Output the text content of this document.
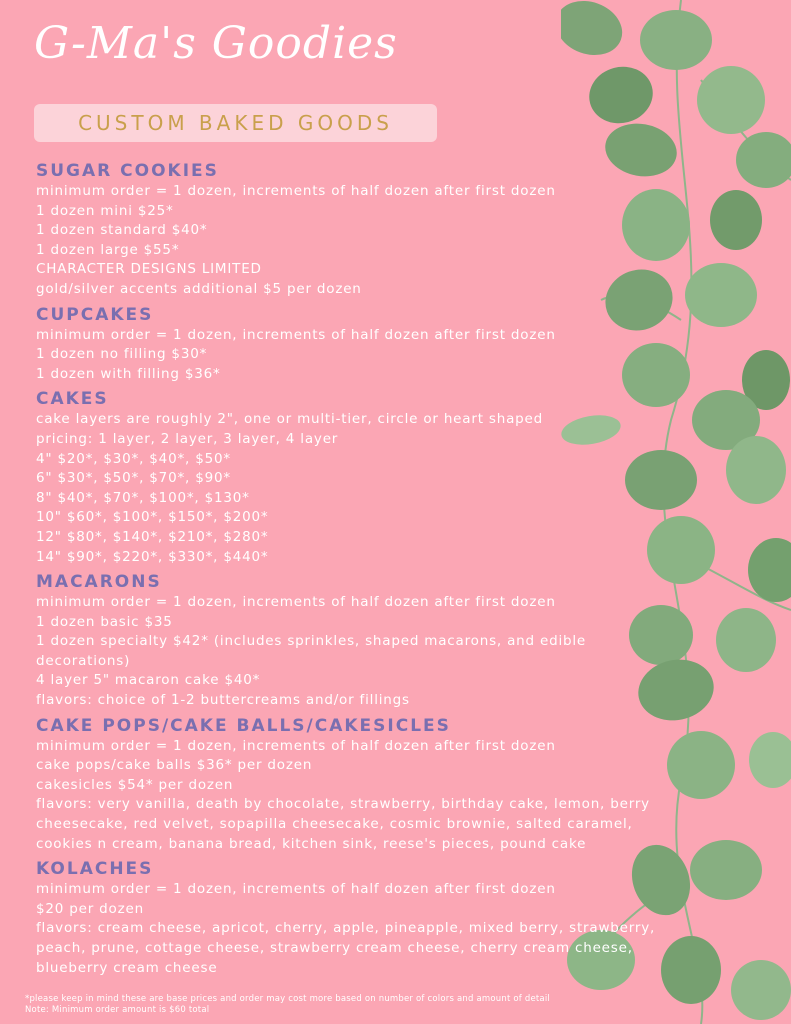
G-Ma's Goodies
CUSTOM BAKED GOODS
SUGAR COOKIES
minimum order = 1 dozen, increments of half dozen after first dozen
1 dozen mini $25*
1 dozen standard $40*
1 dozen large $55*
CHARACTER DESIGNS LIMITED
gold/silver accents additional $5 per dozen
CUPCAKES
minimum order = 1 dozen, increments of half dozen after first dozen
1 dozen no filling $30*
1 dozen with filling $36*
CAKES
cake layers are roughly 2", one or multi-tier, circle or heart shaped
pricing: 1 layer, 2 layer, 3 layer, 4 layer
4" $20*, $30*, $40*, $50*
6" $30*, $50*, $70*, $90*
8" $40*, $70*, $100*, $130*
10" $60*, $100*, $150*, $200*
12" $80*, $140*, $210*, $280*
14" $90*, $220*, $330*, $440*
MACARONS
minimum order = 1 dozen, increments of half dozen after first dozen
1 dozen basic $35
1 dozen specialty $42* (includes sprinkles, shaped macarons, and edible decorations)
4 layer 5" macaron cake $40*
flavors: choice of 1-2 buttercreams and/or fillings
CAKE POPS/CAKE BALLS/CAKESICLES
minimum order = 1 dozen, increments of half dozen after first dozen
cake pops/cake balls $36* per dozen
cakesicles $54* per dozen
flavors: very vanilla, death by chocolate, strawberry, birthday cake, lemon, berry cheesecake, red velvet, sopapilla cheesecake, cosmic brownie, salted caramel, cookies n cream, banana bread, kitchen sink, reese's pieces, pound cake
KOLACHES
minimum order = 1 dozen, increments of half dozen after first dozen
$20 per dozen
flavors: cream cheese, apricot, cherry, apple, pineapple, mixed berry, strawberry, peach, prune, cottage cheese, strawberry cream cheese, cherry cream cheese, blueberry cream cheese
*please keep in mind these are base prices and order may cost more based on number of colors and amount of detail
Note: Minimum order amount is $60 total
